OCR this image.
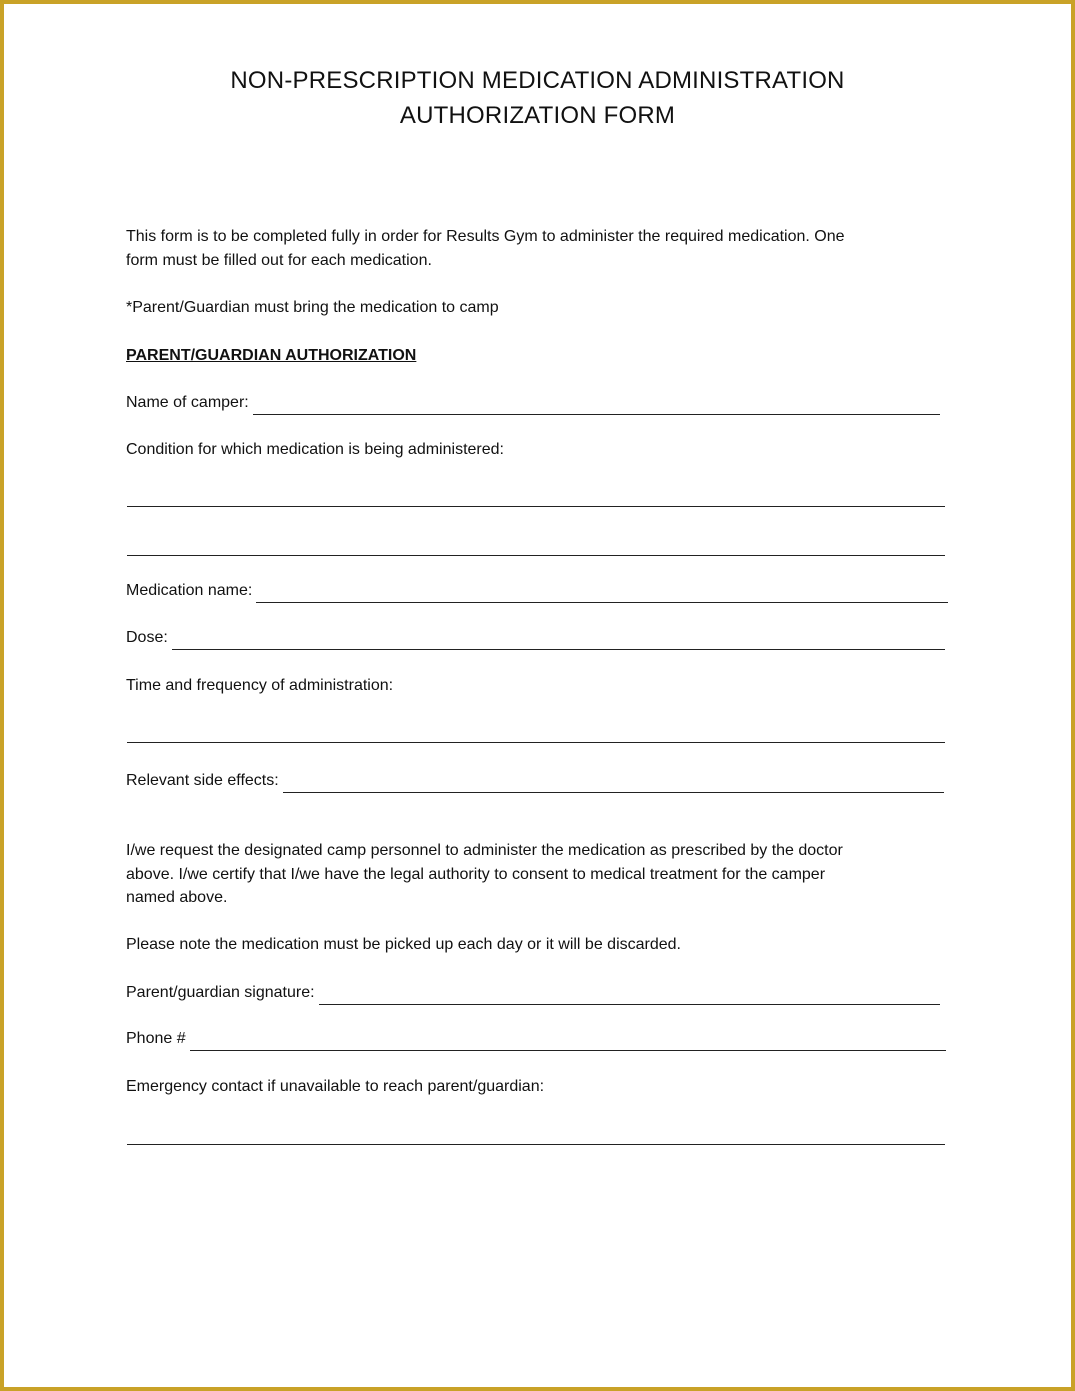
NON-PRESCRIPTION MEDICATION ADMINISTRATION
AUTHORIZATION FORM
This form is to be completed fully in order for Results Gym to administer the required medication. One
form must be filled out for each medication.
*Parent/Guardian must bring the medication to camp
PARENT/GUARDIAN AUTHORIZATION
Name of camper:
Condition for which medication is being administered:
Medication name:
Dose:
Time and frequency of administration:
Relevant side effects:
I/we request the designated camp personnel to administer the medication as prescribed by the doctor
above. I/we certify that I/we have the legal authority to consent to medical treatment for the camper
named above.
Please note the medication must be picked up each day or it will be discarded.
Parent/guardian signature:
Phone #
Emergency contact if unavailable to reach parent/guardian:
